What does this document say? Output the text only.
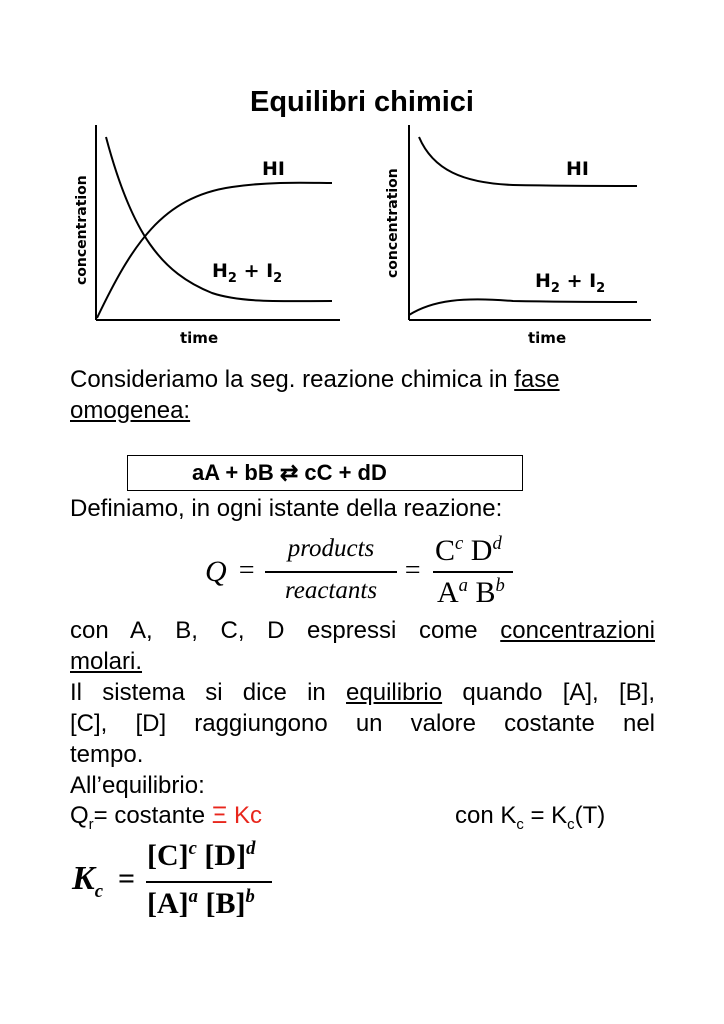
Equilibri chimici
HI
$H_2 + I_2$
concentration
time
HI
$H_2 + I_2$
concentration
time
Consideriamo la seg. reazione chimica in fase
omogenea:
aA + bB ⇄ cC + dD
Definiamo, in ogni istante della reazione:
Q =
products
reactants
=
$C^c$ $D^d$
$A^a$ $B^b$
con A, B, C, D espressi come concentrazioni
molari.
Il sistema si dice in equilibrio quando [A], [B],
[C], [D] raggiungono un valore costante nel
tempo.
All’equilibrio:
$Q_r=$ costante Ξ Kc	con $K_c = K_c(T)$
$K_c$ =
$[C]^c$ $[D]^d$
$[A]^a$ $[B]^b$
